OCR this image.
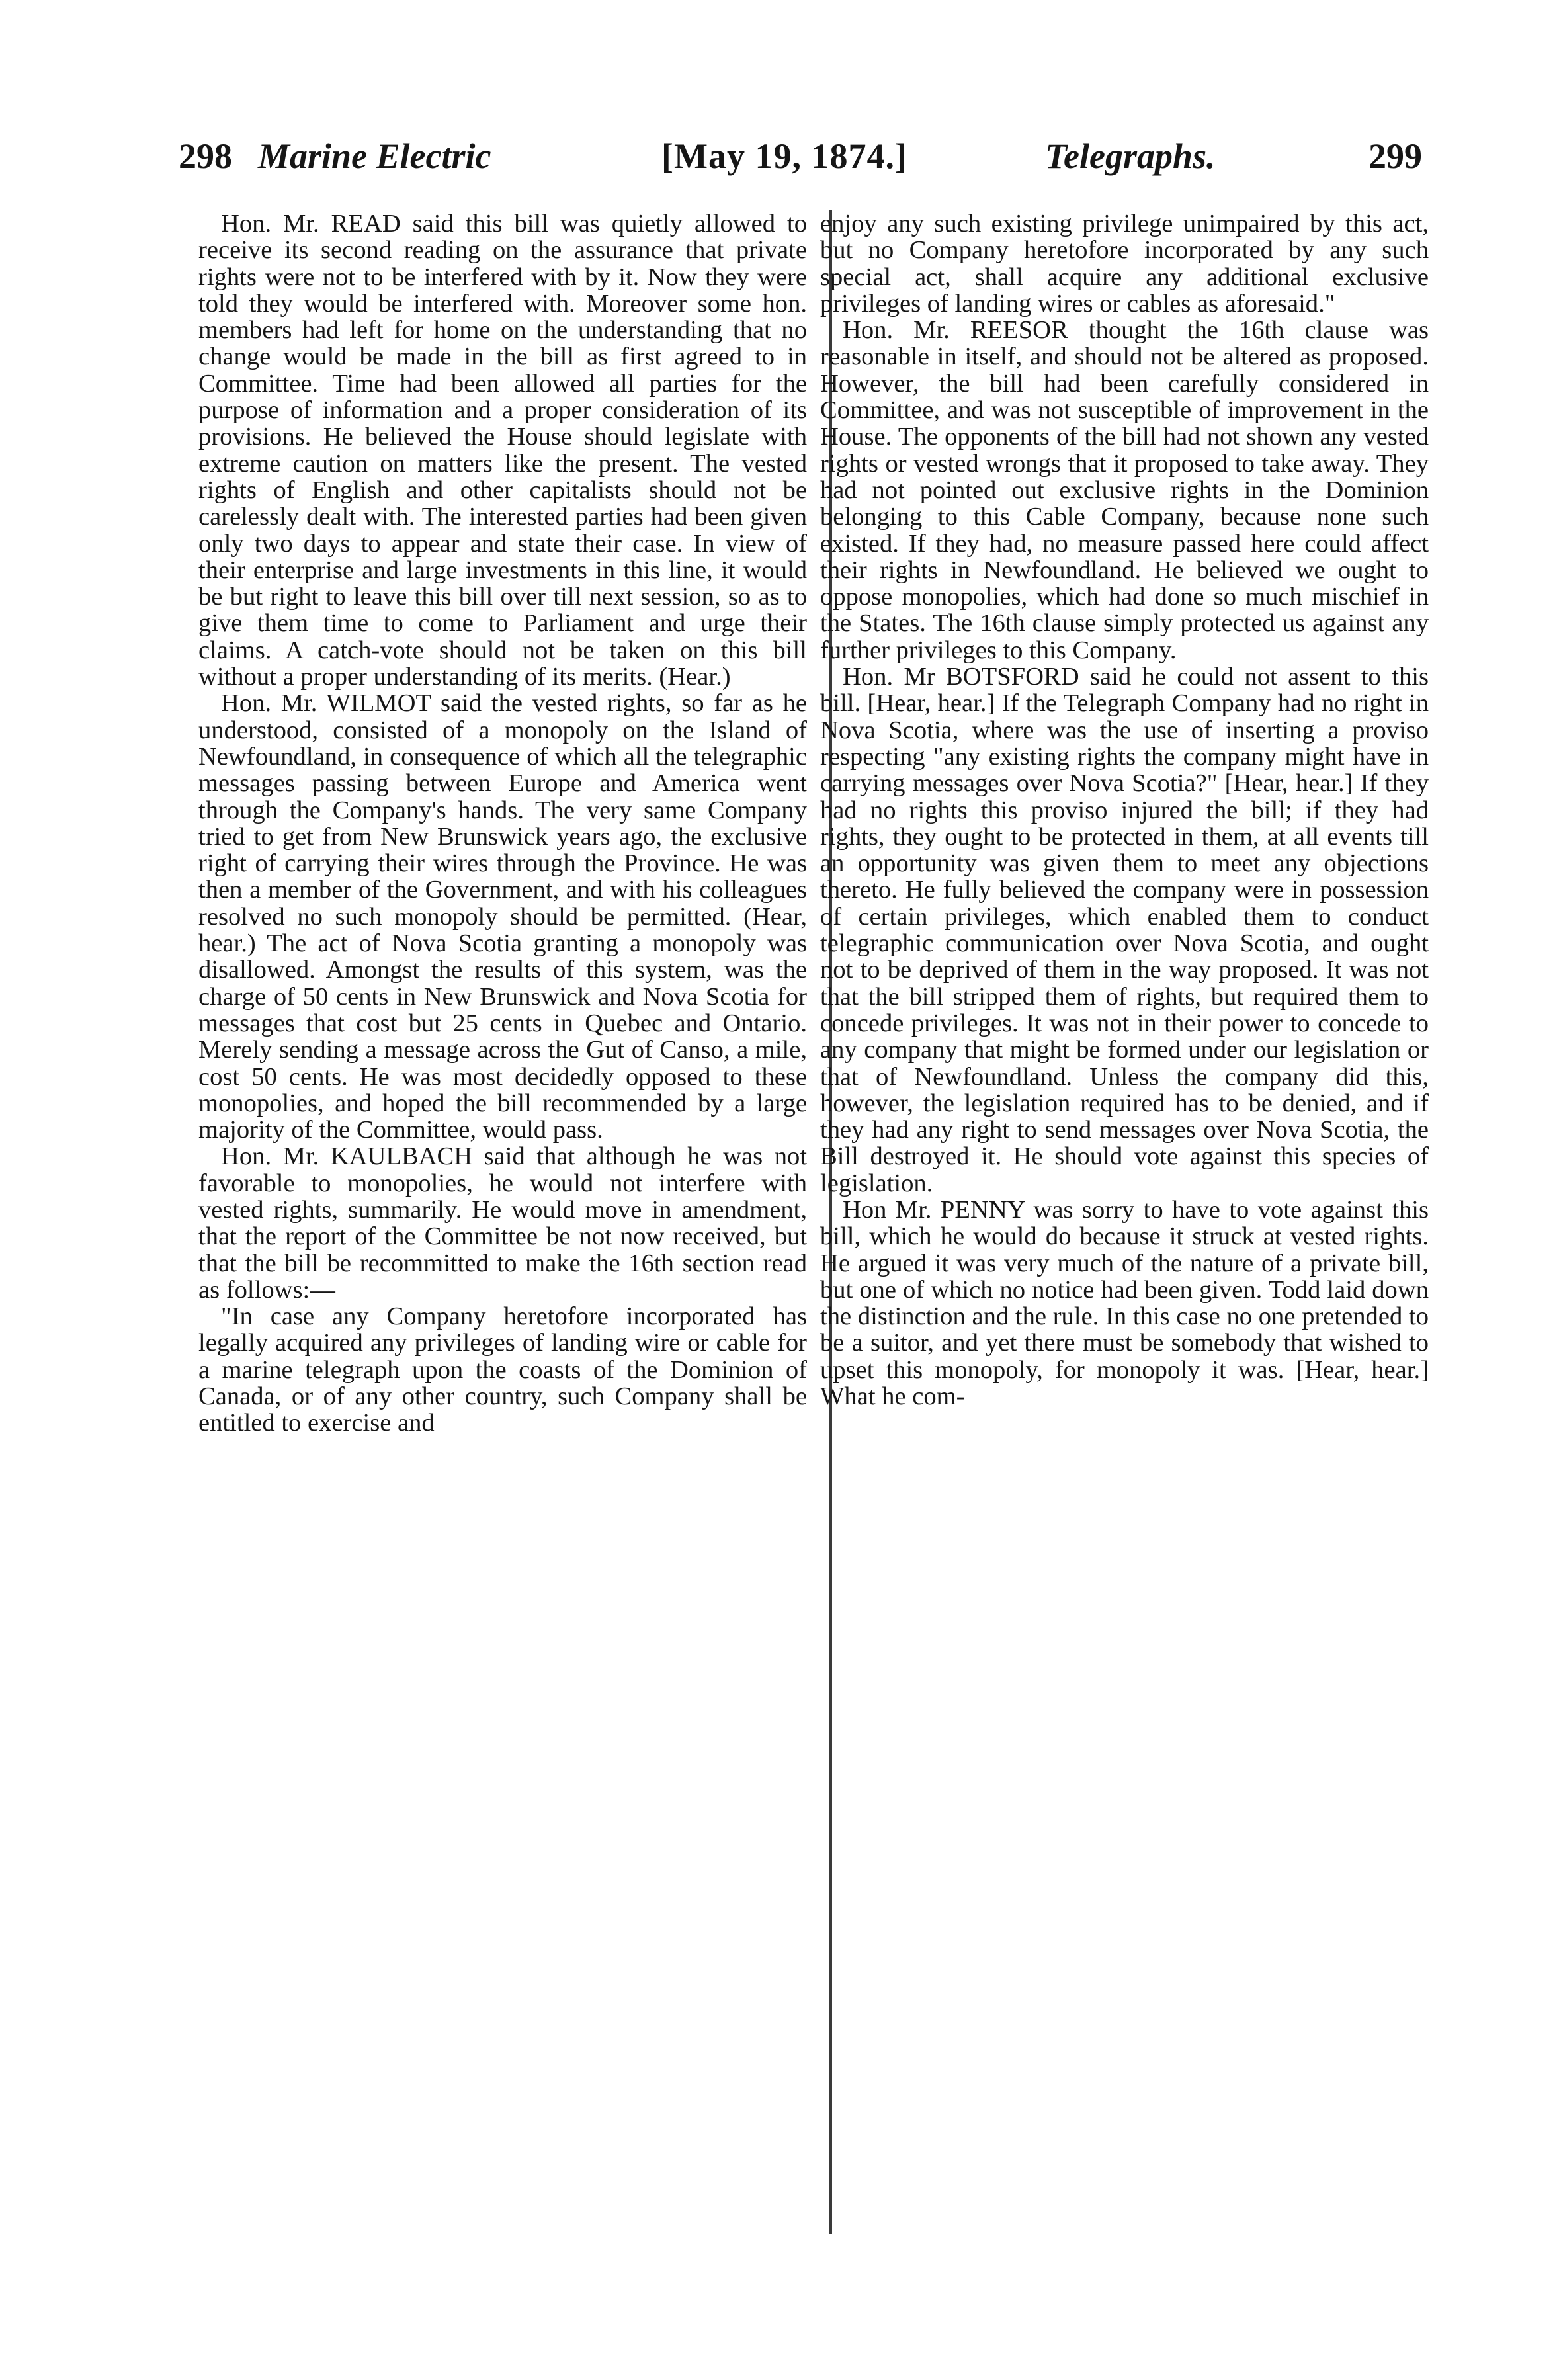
298 Marine Electric	[May 19, 1874.]	Telegraphs.	299

Hon. Mr. READ said this bill was quietly allowed to receive its second reading on the assurance that private rights were not to be interfered with by it. Now they were told they would be interfered with. Moreover some hon. members had left for home on the understanding that no change would be made in the bill as first agreed to in Committee. Time had been allowed all parties for the purpose of information and a proper consideration of its provisions. He believed the House should legislate with extreme caution on matters like the present. The vested rights of English and other capitalists should not be carelessly dealt with. The interested parties had been given only two days to appear and state their case. In view of their enterprise and large investments in this line, it would be but right to leave this bill over till next session, so as to give them time to come to Parliament and urge their claims. A catch-vote should not be taken on this bill without a proper understanding of its merits. (Hear.)

Hon. Mr. WILMOT said the vested rights, so far as he understood, consisted of a monopoly on the Island of Newfoundland, in consequence of which all the telegraphic messages passing between Europe and America went through the Company's hands. The very same Company tried to get from New Brunswick years ago, the exclusive right of carrying their wires through the Province. He was then a member of the Government, and with his colleagues resolved no such monopoly should be permitted. (Hear, hear.) The act of Nova Scotia granting a monopoly was disallowed. Amongst the results of this system, was the charge of 50 cents in New Brunswick and Nova Scotia for messages that cost but 25 cents in Quebec and Ontario. Merely sending a message across the Gut of Canso, a mile, cost 50 cents. He was most decidedly opposed to these monopolies, and hoped the bill recommended by a large majority of the Committee, would pass.

Hon. Mr. KAULBACH said that although he was not favorable to monopolies, he would not interfere with vested rights, summarily. He would move in amendment, that the report of the Committee be not now received, but that the bill be recommitted to make the 16th section read as follows:—

"In case any Company heretofore incorporated has legally acquired any privileges of landing wire or cable for a marine telegraph upon the coasts of the Dominion of Canada, or of any other country, such Company shall be entitled to exercise and

enjoy any such existing privilege unimpaired by this act, but no Company heretofore incorporated by any such special act, shall acquire any additional exclusive privileges of landing wires or cables as aforesaid."

Hon. Mr. REESOR thought the 16th clause was reasonable in itself, and should not be altered as proposed. However, the bill had been carefully considered in Committee, and was not susceptible of improvement in the House. The opponents of the bill had not shown any vested rights or vested wrongs that it proposed to take away. They had not pointed out exclusive rights in the Dominion belonging to this Cable Company, because none such existed. If they had, no measure passed here could affect their rights in Newfoundland. He believed we ought to oppose monopolies, which had done so much mischief in the States. The 16th clause simply protected us against any further privileges to this Company.

Hon. Mr BOTSFORD said he could not assent to this bill. [Hear, hear.] If the Telegraph Company had no right in Nova Scotia, where was the use of inserting a proviso respecting "any existing rights the company might have in carrying messages over Nova Scotia?" [Hear, hear.] If they had no rights this proviso injured the bill; if they had rights, they ought to be protected in them, at all events till an opportunity was given them to meet any objections thereto. He fully believed the company were in possession of certain privileges, which enabled them to conduct telegraphic communication over Nova Scotia, and ought not to be deprived of them in the way proposed. It was not that the bill stripped them of rights, but required them to concede privileges. It was not in their power to concede to any company that might be formed under our legislation or that of Newfoundland. Unless the company did this, however, the legislation required has to be denied, and if they had any right to send messages over Nova Scotia, the Bill destroyed it. He should vote against this species of legislation.

Hon Mr. PENNY was sorry to have to vote against this bill, which he would do because it struck at vested rights. He argued it was very much of the nature of a private bill, but one of which no notice had been given. Todd laid down the distinction and the rule. In this case no one pretended to be a suitor, and yet there must be somebody that wished to upset this monopoly, for monopoly it was. [Hear, hear.] What he com-
